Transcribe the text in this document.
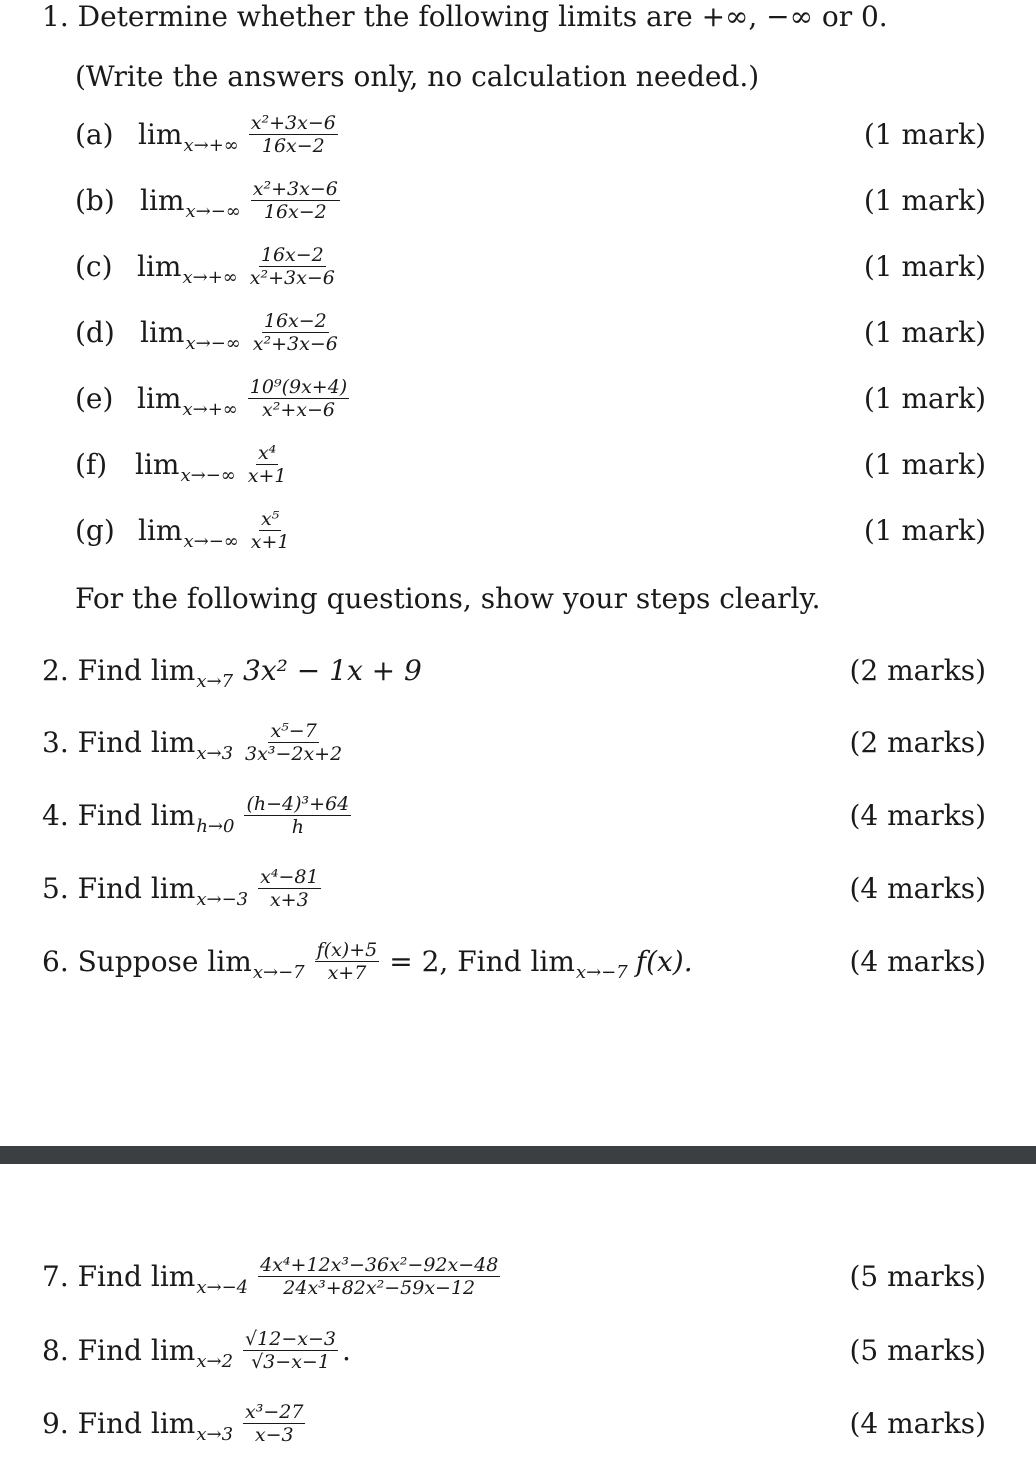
1. Determine whether the following limits are +∞, −∞ or 0.
(Write the answers only, no calculation needed.)
(a) $\lim x\to+\infty \frac{\text{x²+3x−6}}{16x-2}$	(1 mark)
(b) $\lim x\to-\infty \frac{\text{x²+3x−6}}{16x-2}$	(1 mark)
(c) $\lim x\to+\infty \frac{16x-2}{\text{x²+3x−6}}$	(1 mark)
(d) $\lim x\to-\infty \frac{16x-2}{\text{x²+3x−6}}$	(1 mark)
(e) $\lim x\to+\infty \frac{\text{10⁹(9x+4)}}{\text{x²+x−6}}$	(1 mark)
(f) $\lim x\to-\infty \frac{\text{x⁴}}{x+1}$	(1 mark)
(g) $\lim x\to-\infty \frac{\text{x⁵}}{x+1}$	(1 mark)
For the following questions, show your steps clearly.
2.
Find
lim x→7 3x² − 1x + 9	(2 marks)
3.
Find
$\lim x\to 3 \frac{\text{x⁵−7}}{\text{3x³−2x+2}}$	(2 marks)
4.
Find
$\lim h\to 0 \frac{\text{(h−4)³+64}}{h}$	(4 marks)
5.
Find
$\lim x\to-3 \frac{\text{x⁴−81}}{x+3}$	(4 marks)
6.
Suppose
$\lim x\to-7 \frac{f(x)+5}{x+7} = 2$, Find lim x→−7 f(x).	(4 marks)
7.
Find
$\lim x\to-4 \frac{\text{4x⁴+12x³−36x²−92x−48}}{\text{24x³+82x²−59x−12}}$	(5 marks)
8.
Find
$\lim x\to 2 \frac{√12-x-3}{√3-x-1}$ .	(5 marks)
9.
Find
$\lim x\to 3 \frac{\text{x³−27}}{x-3}$	(4 marks)
